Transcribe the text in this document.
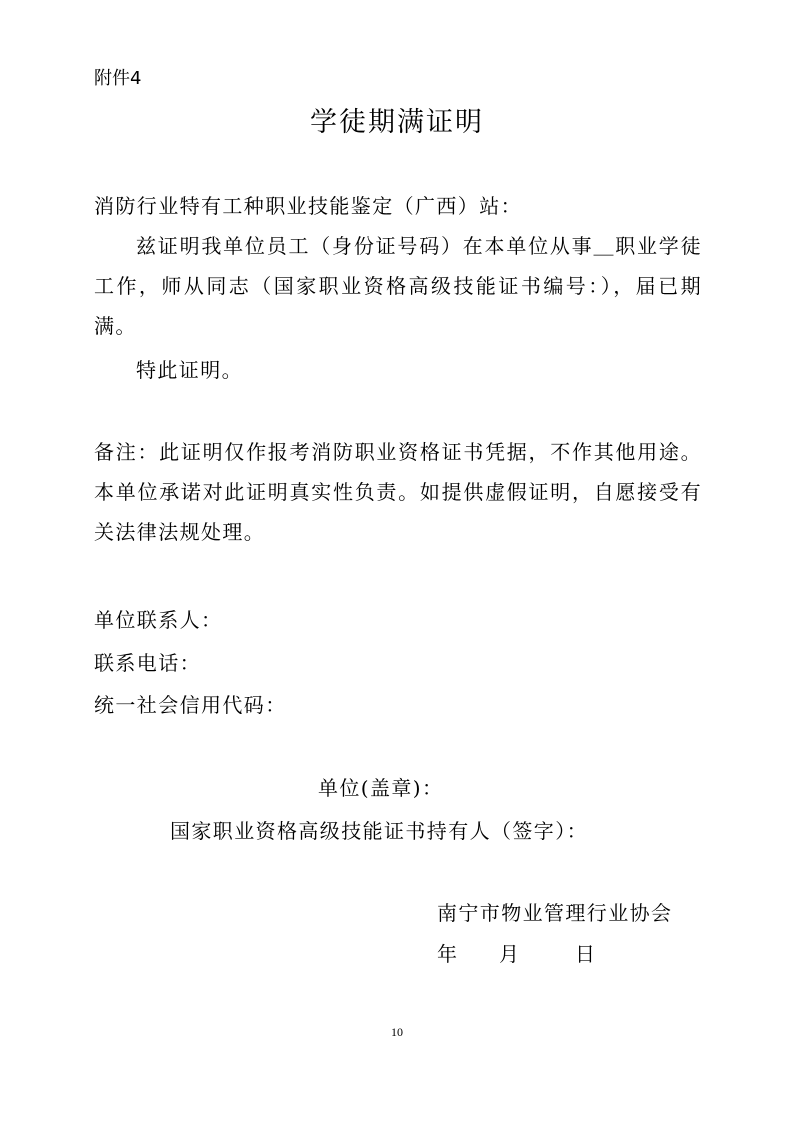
附件4
学徒期满证明
消防行业特有工种职业技能鉴定（广西）站：
兹证明我单位员工（身份证号码）在本单位从事＿职业学徒工作，师从同志（国家职业资格高级技能证书编号：），届已期满。
特此证明。
备注：此证明仅作报考消防职业资格证书凭据，不作其他用途。本单位承诺对此证明真实性负责。如提供虚假证明，自愿接受有关法律法规处理。
单位联系人：
联系电话：
统一社会信用代码：
单位(盖章)：
国家职业资格高级技能证书持有人（签字）：
南宁市物业管理行业协会
年 月	日
10
